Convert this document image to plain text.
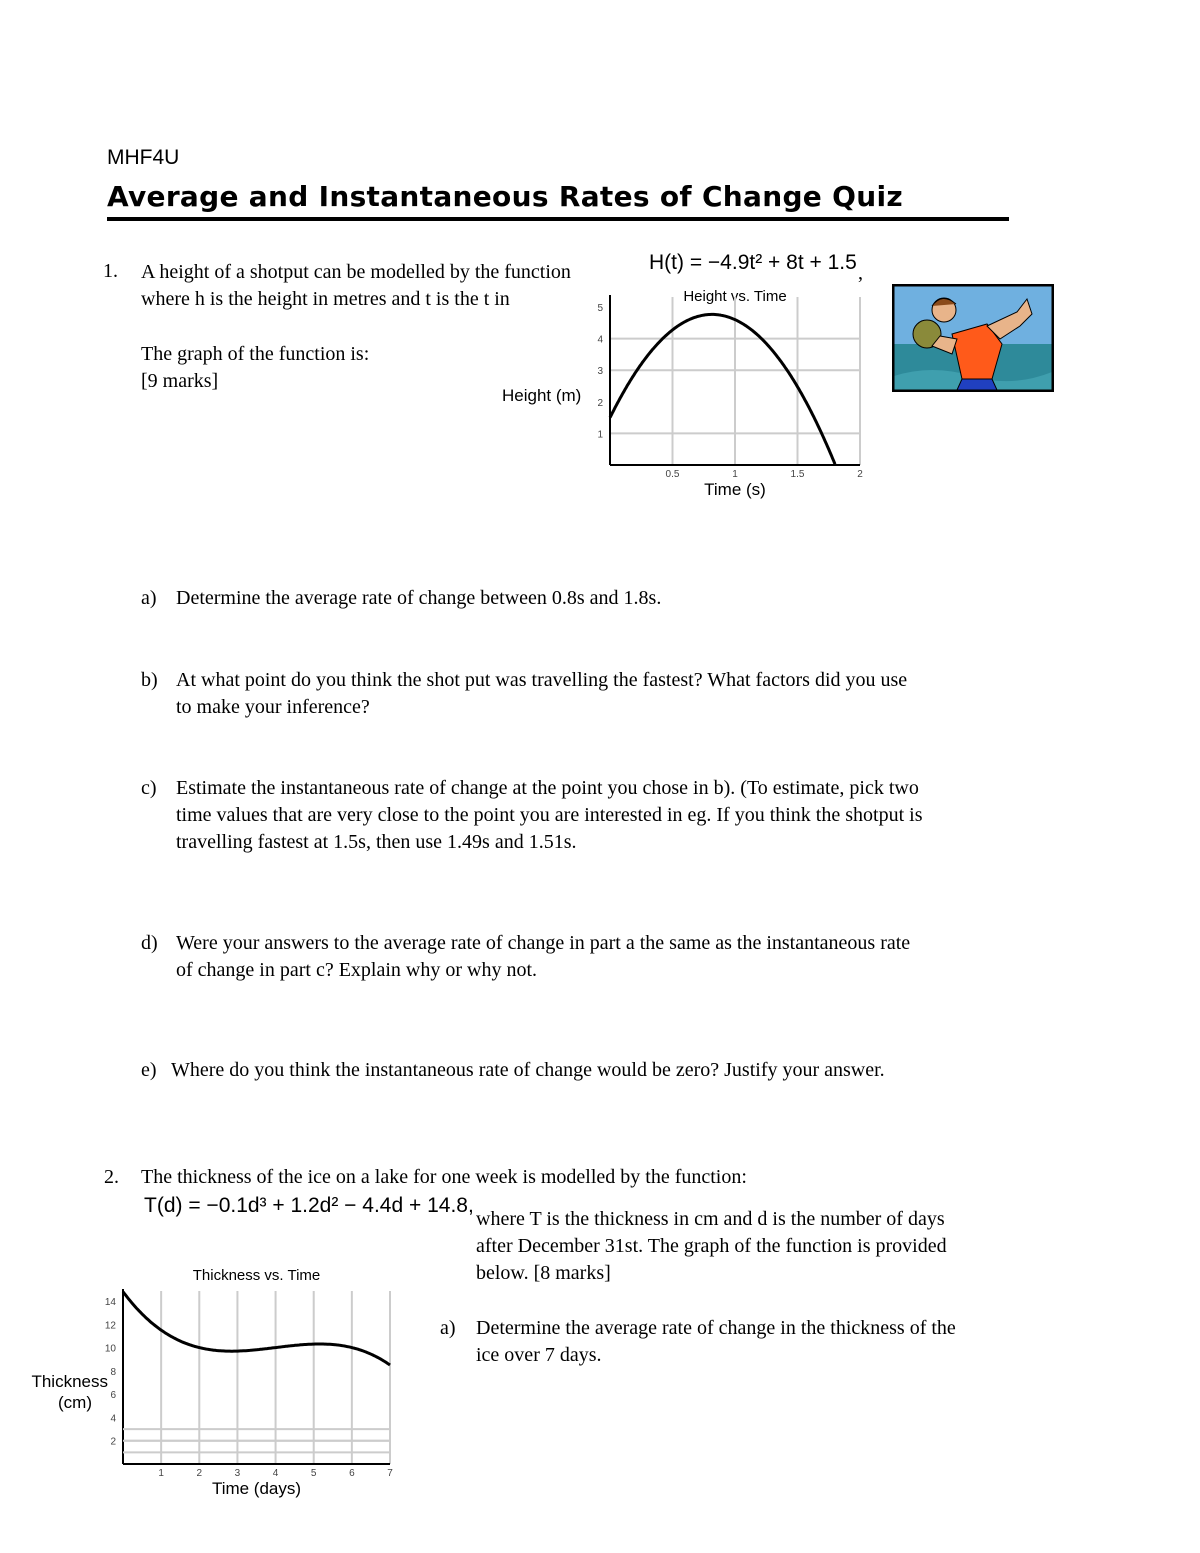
MHF4U
Average and Instantaneous Rates of Change Quiz
1. A height of a shotput can be modelled by the function	H(t) = −4.9t² + 8t + 1.5 ,
where h is the height in metres and t is the t in
The graph of the function is:
[9 marks]
Height vs. Time
0.5	1	1.5	2
1
2
3
4
5
Time (s)
Height (m)
a) Determine the average rate of change between 0.8s and 1.8s.
b) At what point do you think the shot put was travelling the fastest? What factors did you use
to make your inference?
c) Estimate the instantaneous rate of change at the point you chose in b). (To estimate, pick two
time values that are very close to the point you are interested in eg. If you think the shotput is
travelling fastest at 1.5s, then use 1.49s and 1.51s.
d) Were your answers to the average rate of change in part a the same as the instantaneous rate
of change in part c? Explain why or why not.
e) Where do you think the instantaneous rate of change would be zero? Justify your answer.
2. The thickness of the ice on a lake for one week is modelled by the function:
T(d) = −0.1d³ + 1.2d² − 4.4d + 14.8,
where T is the thickness in cm and d is the number of days
after December 31st. The graph of the function is provided
below. [8 marks]
a) Determine the average rate of change in the thickness of the
ice over 7 days.
Thickness vs. Time
1	2	3	4	5	6	7
2
4
6
8
10
12
14
Time (days)
Thickness
(cm)
